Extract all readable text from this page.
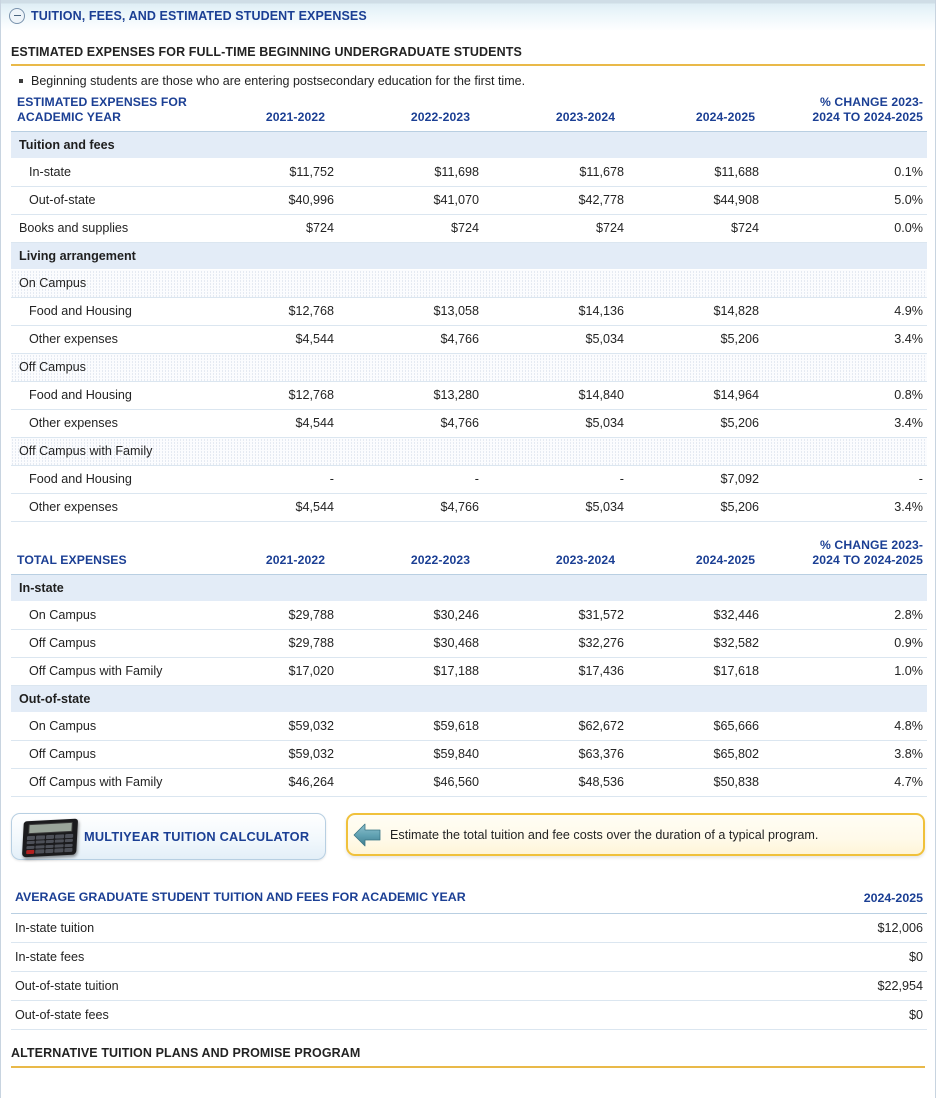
TUITION, FEES, AND ESTIMATED STUDENT EXPENSES
ESTIMATED EXPENSES FOR FULL-TIME BEGINNING UNDERGRADUATE STUDENTS
Beginning students are those who are entering postsecondary education for the first time.
ESTIMATED EXPENSES FOR ACADEMIC YEAR	2021-2022	2022-2023	2023-2024	2024-2025	% CHANGE 2023-2024 TO 2024-2025
Tuition and fees					
In-state	$11,752	$11,698	$11,678	$11,688	0.1%
Out-of-state	$40,996	$41,070	$42,778	$44,908	5.0%
Books and supplies	$724	$724	$724	$724	0.0%
Living arrangement					
On Campus					
Food and Housing	$12,768	$13,058	$14,136	$14,828	4.9%
Other expenses	$4,544	$4,766	$5,034	$5,206	3.4%
Off Campus					
Food and Housing	$12,768	$13,280	$14,840	$14,964	0.8%
Other expenses	$4,544	$4,766	$5,034	$5,206	3.4%
Off Campus with Family					
Food and Housing	-	-	-	$7,092	-
Other expenses	$4,544	$4,766	$5,034	$5,206	3.4%
TOTAL EXPENSES	2021-2022	2022-2023	2023-2024	2024-2025	% CHANGE 2023-2024 TO 2024-2025
In-state					
On Campus	$29,788	$30,246	$31,572	$32,446	2.8%
Off Campus	$29,788	$30,468	$32,276	$32,582	0.9%
Off Campus with Family	$17,020	$17,188	$17,436	$17,618	1.0%
Out-of-state					
On Campus	$59,032	$59,618	$62,672	$65,666	4.8%
Off Campus	$59,032	$59,840	$63,376	$65,802	3.8%
Off Campus with Family	$46,264	$46,560	$48,536	$50,838	4.7%
MULTIYEAR TUITION CALCULATOR	Estimate the total tuition and fee costs over the duration of a typical program.
AVERAGE GRADUATE STUDENT TUITION AND FEES FOR ACADEMIC YEAR	2024-2025
In-state tuition	$12,006
In-state fees	$0
Out-of-state tuition	$22,954
Out-of-state fees	$0
ALTERNATIVE TUITION PLANS AND PROMISE PROGRAM
